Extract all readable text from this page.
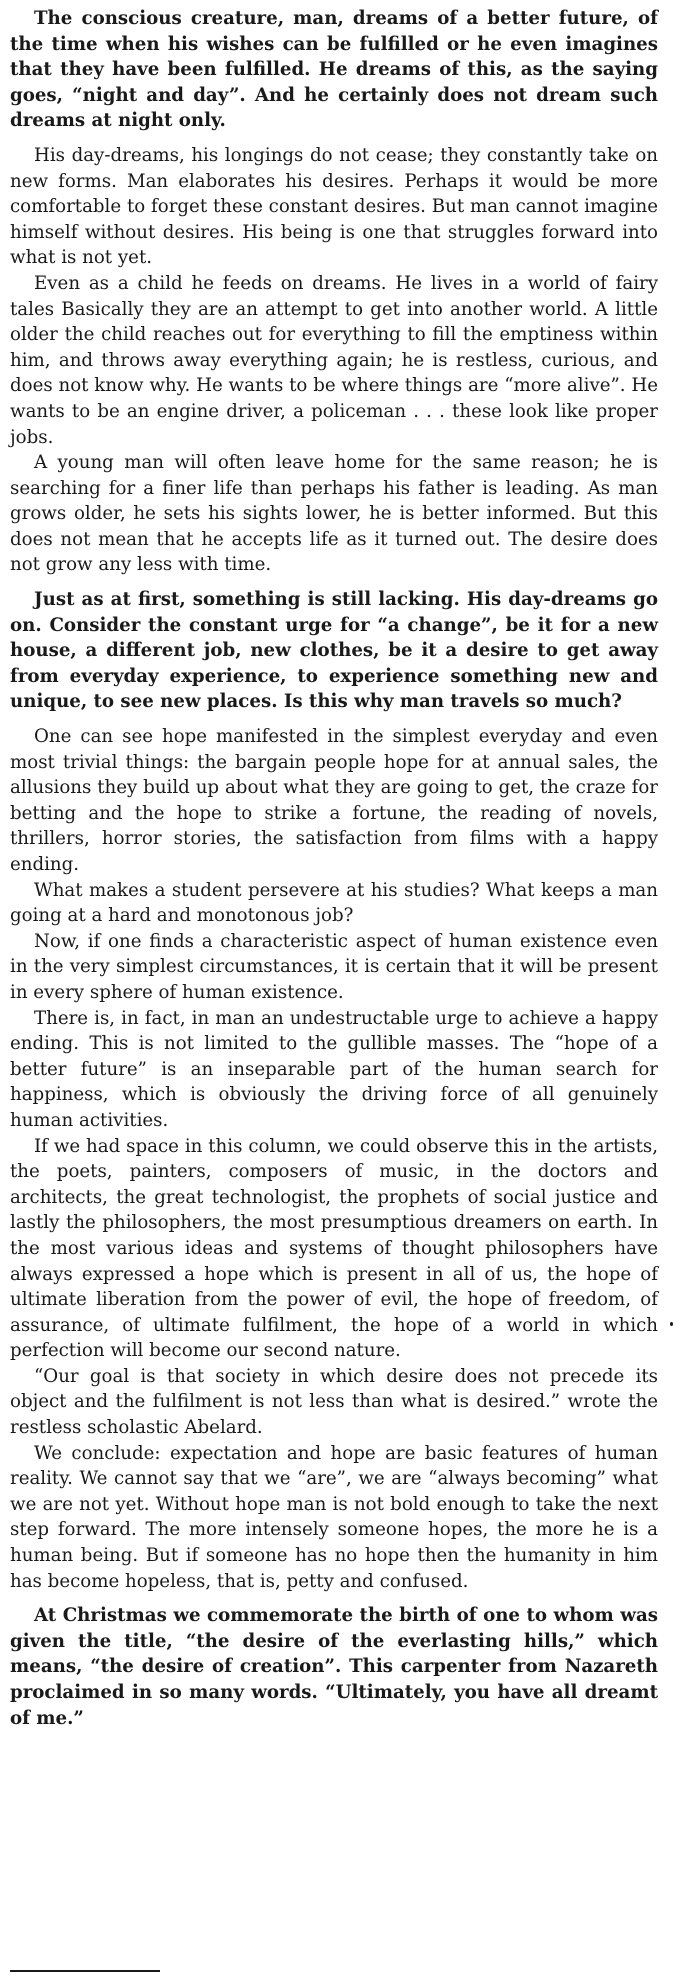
The conscious creature, man, dreams of a better future, of the time when his wishes can be fulfilled or he even imagines that they have been fulfilled. He dreams of this, as the saying goes, “night and day”. And he certainly does not dream such dreams at night only.

His day-dreams, his longings do not cease; they constantly take on new forms. Man elaborates his desires. Perhaps it would be more comfortable to forget these constant desires. But man cannot imagine himself without desires. His being is one that struggles forward into what is not yet.

Even as a child he feeds on dreams. He lives in a world of fairy tales Basically they are an attempt to get into another world. A little older the child reaches out for everything to fill the emptiness within him, and throws away everything again; he is restless, curious, and does not know why. He wants to be where things are “more alive”. He wants to be an engine driver, a policeman . . . these look like proper jobs.

A young man will often leave home for the same reason; he is searching for a finer life than perhaps his father is leading. As man grows older, he sets his sights lower, he is better informed. But this does not mean that he accepts life as it turned out. The desire does not grow any less with time.

Just as at first, something is still lacking. His day-dreams go on. Consider the constant urge for “a change”, be it for a new house, a different job, new clothes, be it a desire to get away from everyday experience, to experience something new and unique, to see new places. Is this why man travels so much?

One can see hope manifested in the simplest everyday and even most trivial things: the bargain people hope for at annual sales, the allusions they build up about what they are going to get, the craze for betting and the hope to strike a fortune, the reading of novels, thrillers, horror stories, the satisfaction from films with a happy ending.

What makes a student persevere at his studies? What keeps a man going at a hard and monotonous job?

Now, if one finds a characteristic aspect of human existence even in the very simplest circumstances, it is certain that it will be present in every sphere of human existence.

There is, in fact, in man an undestructable urge to achieve a happy ending. This is not limited to the gullible masses. The “hope of a better future” is an inseparable part of the human search for happiness, which is obviously the driving force of all genuinely human activities.

If we had space in this column, we could observe this in the artists, the poets, painters, composers of music, in the doctors and architects, the great technologist, the prophets of social justice and lastly the philosophers, the most presumptious dreamers on earth. In the most various ideas and systems of thought philosophers have always expressed a hope which is present in all of us, the hope of ultimate liberation from the power of evil, the hope of freedom, of assurance, of ultimate fulfilment, the hope of a world in which perfection will become our second nature.

“Our goal is that society in which desire does not precede its object and the fulfilment is not less than what is desired.” wrote the restless scholastic Abelard.

We conclude: expectation and hope are basic features of human reality. We cannot say that we “are”, we are “always becoming” what we are not yet. Without hope man is not bold enough to take the next step forward. The more intensely someone hopes, the more he is a human being. But if someone has no hope then the humanity in him has become hopeless, that is, petty and confused.

At Christmas we commemorate the birth of one to whom was given the title, “the desire of the everlasting hills,” which means, “the desire of creation”. This carpenter from Nazareth proclaimed in so many words. “Ultimately, you have all dreamt of me.”
